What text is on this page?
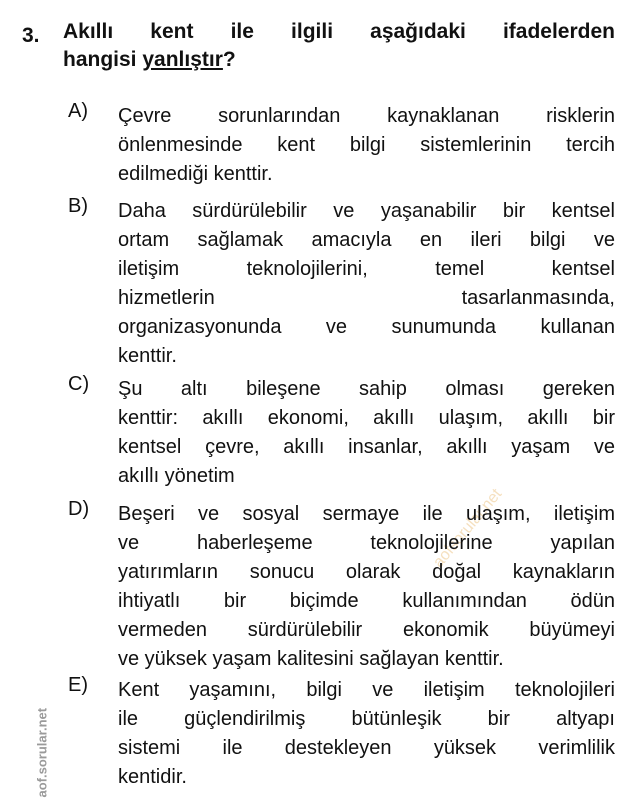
aofsorular.net
aof.sorular.net
3. Akıllı kent ile ilgili aşağıdaki ifadelerden
hangisi yanlıştır?
A) Çevre sorunlarından kaynaklanan risklerin
önlenmesinde kent bilgi sistemlerinin tercih
edilmediği kenttir.
B) Daha sürdürülebilir ve yaşanabilir bir kentsel
ortam sağlamak amacıyla en ileri bilgi ve
iletişim teknolojilerini, temel kentsel
hizmetlerin tasarlanmasında,
organizasyonunda ve sunumunda kullanan
kenttir.
C) Şu altı bileşene sahip olması gereken
kenttir: akıllı ekonomi, akıllı ulaşım, akıllı bir
kentsel çevre, akıllı insanlar, akıllı yaşam ve
akıllı yönetim
D) Beşeri ve sosyal sermaye ile ulaşım, iletişim
ve haberleşeme teknolojilerine yapılan
yatırımların sonucu olarak doğal kaynakların
ihtiyatlı bir biçimde kullanımından ödün
vermeden sürdürülebilir ekonomik büyümeyi
ve yüksek yaşam kalitesini sağlayan kenttir.
E) Kent yaşamını, bilgi ve iletişim teknolojileri
ile güçlendirilmiş bütünleşik bir altyapı
sistemi ile destekleyen yüksek verimlilik
kentidir.
